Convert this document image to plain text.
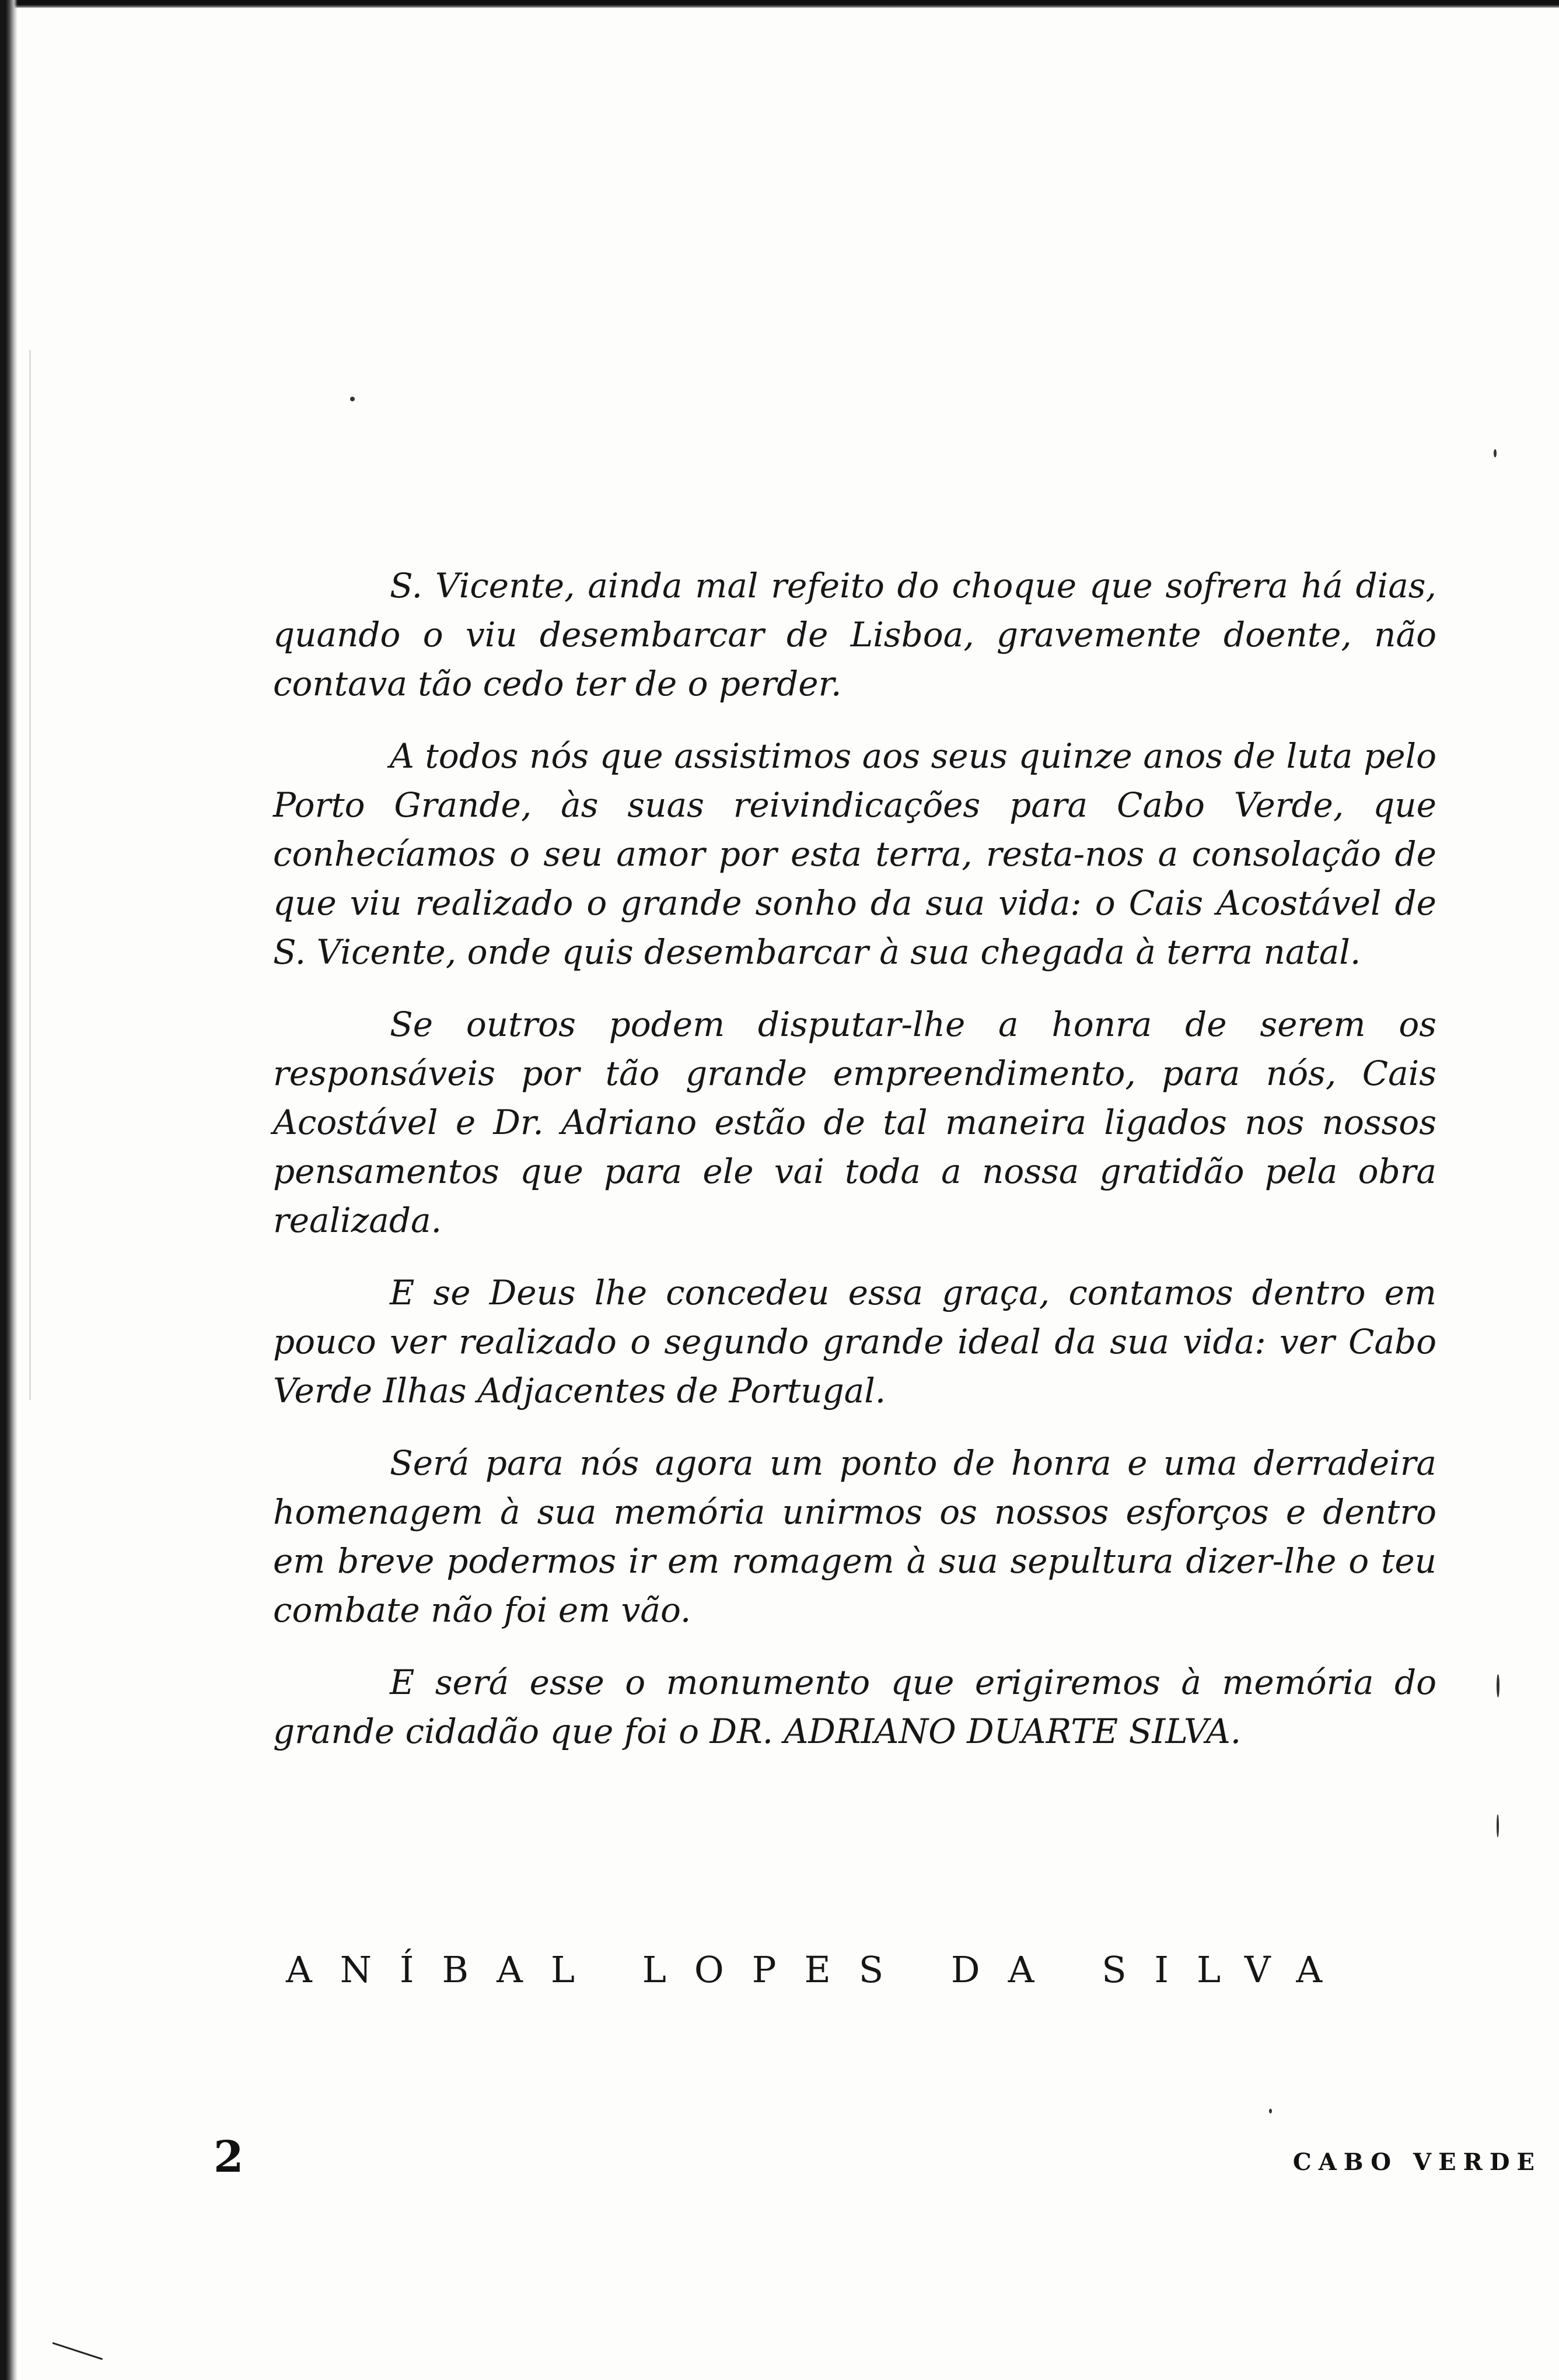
S. Vicente, ainda mal refeito do choque que sofrera há dias, quando o viu desembarcar de Lisboa, gravemente doente, não contava tão cedo ter de o perder.

A todos nós que assistimos aos seus quinze anos de luta pelo Porto Grande, às suas reivindicações para Cabo Verde, que conhecíamos o seu amor por esta terra, resta-nos a consolação de que viu realizado o grande sonho da sua vida: o Cais Acostável de S. Vicente, onde quis desembarcar à sua chegada à terra natal.

Se outros podem disputar-lhe a honra de serem os responsáveis por tão grande empreendimento, para nós, Cais Acostável e Dr. Adriano estão de tal maneira ligados nos nossos pensamentos que para ele vai toda a nossa gratidão pela obra realizada.

E se Deus lhe concedeu essa graça, contamos dentro em pouco ver realizado o segundo grande ideal da sua vida: ver Cabo Verde Ilhas Adjacentes de Portugal.

Será para nós agora um ponto de honra e uma derradeira homenagem à sua memória unirmos os nossos esforços e dentro em breve podermos ir em romagem à sua sepultura dizer-lhe o teu combate não foi em vão.

E será esse o monumento que erigiremos à memória do grande cidadão que foi o DR. ADRIANO DUARTE SILVA.

ANÍBAL LOPES DA SILVA
2	CABO VERDE
